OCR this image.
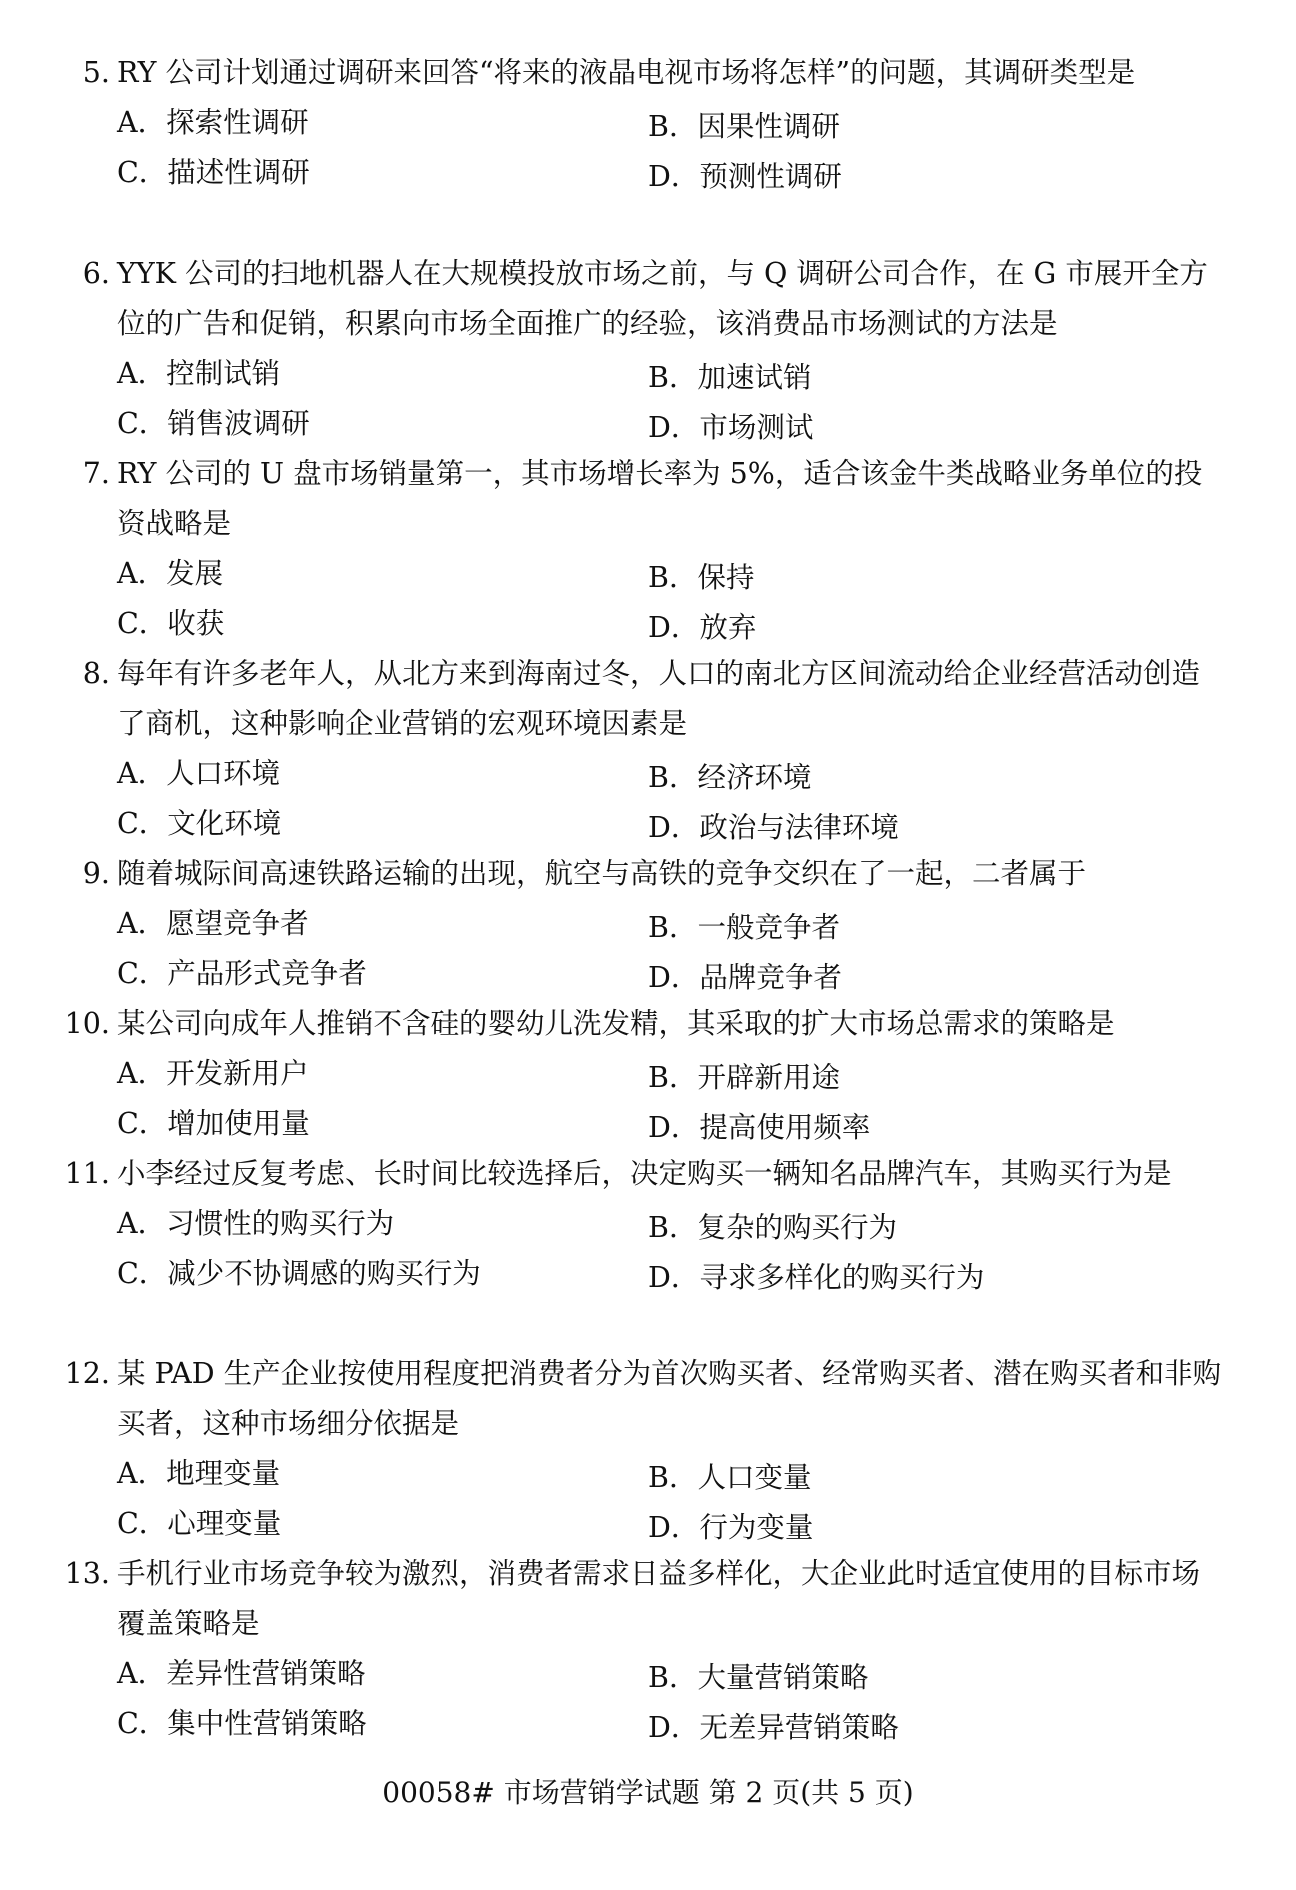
5. RY 公司计划通过调研来回答“将来的液晶电视市场将怎样”的问题，其调研类型是
A．探索性调研	B．因果性调研
C．描述性调研	D．预测性调研
6. YYK 公司的扫地机器人在大规模投放市场之前，与 Q 调研公司合作，在 G 市展开全方位的广告和促销，积累向市场全面推广的经验，该消费品市场测试的方法是
A．控制试销	B．加速试销
C．销售波调研	D．市场测试
7. RY 公司的 U 盘市场销量第一，其市场增长率为 5%，适合该金牛类战略业务单位的投资战略是
A．发展	B．保持
C．收获	D．放弃
8. 每年有许多老年人，从北方来到海南过冬，人口的南北方区间流动给企业经营活动创造了商机，这种影响企业营销的宏观环境因素是
A．人口环境	B．经济环境
C．文化环境	D．政治与法律环境
9. 随着城际间高速铁路运输的出现，航空与高铁的竞争交织在了一起，二者属于
A．愿望竞争者	B．一般竞争者
C．产品形式竞争者	D．品牌竞争者
10. 某公司向成年人推销不含硅的婴幼儿洗发精，其采取的扩大市场总需求的策略是
A．开发新用户	B．开辟新用途
C．增加使用量	D．提高使用频率
11. 小李经过反复考虑、长时间比较选择后，决定购买一辆知名品牌汽车，其购买行为是
A．习惯性的购买行为	B．复杂的购买行为
C．减少不协调感的购买行为	D．寻求多样化的购买行为
12. 某 PAD 生产企业按使用程度把消费者分为首次购买者、经常购买者、潜在购买者和非购买者，这种市场细分依据是
A．地理变量	B．人口变量
C．心理变量	D．行为变量
13. 手机行业市场竞争较为激烈，消费者需求日益多样化，大企业此时适宜使用的目标市场覆盖策略是
A．差异性营销策略	B．大量营销策略
C．集中性营销策略	D．无差异营销策略
00058# 市场营销学试题 第 2 页(共 5 页)
